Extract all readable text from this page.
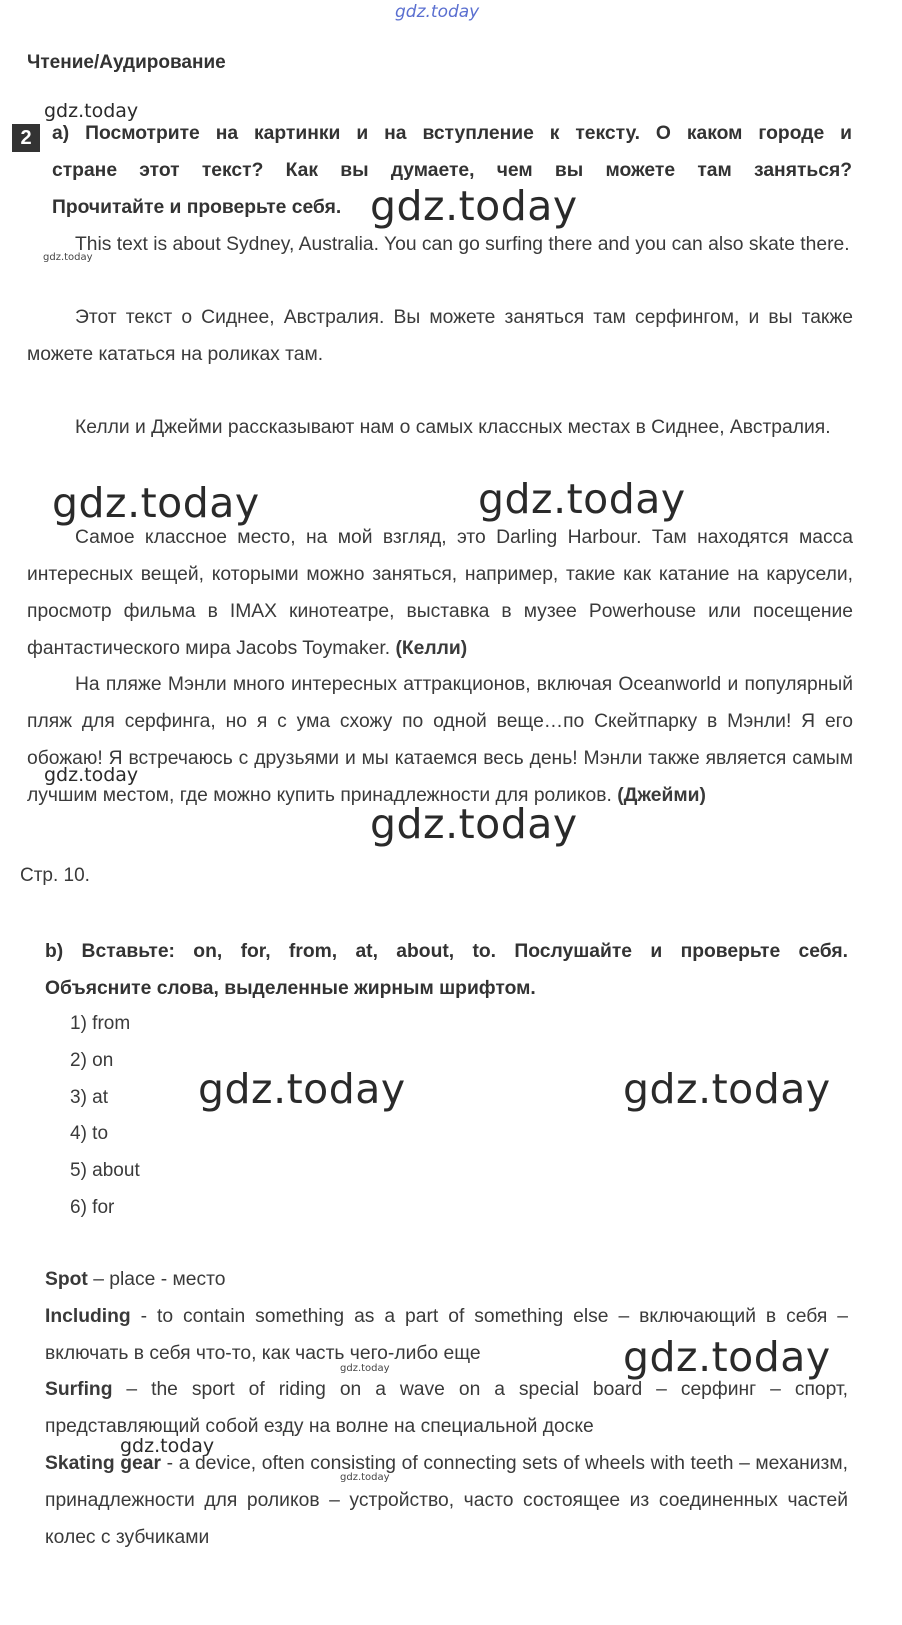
gdz.today
gdz.today
gdz.today
gdz.today
gdz.today	gdz.today
gdz.today
gdz.today
gdz.today	gdz.today
gdz.today
gdz.today
gdz.today
gdz.today
Чтение/Аудирование
2	a) Посмотрите на картинки и на вступление к тексту. О каком городе и
стране этот текст? Как вы думаете, чем вы можете там заняться?
Прочитайте и проверьте себя.
This text is about Sydney, Australia. You can go surfing there and you can also skate there.
Этот текст о Сиднее, Австралия. Вы можете заняться там серфингом, и вы также можете кататься на роликах там.
Келли и Джейми рассказывают нам о самых классных местах в Сиднее, Австралия.
Самое классное место, на мой взгляд, это Darling Harbour. Там находятся масса интересных вещей, которыми можно заняться, например, такие как катание на карусели, просмотр фильма в IMAX кинотеатре, выставка в музее Powerhouse или посещение фантастического мира Jacobs Toymaker. (Келли)
На пляже Мэнли много интересных аттракционов, включая Oceanworld и популярный пляж для серфинга, но я с ума схожу по одной веще…по Скейтпарку в Мэнли! Я его обожаю! Я встречаюсь с друзьями и мы катаемся весь день! Мэнли также является самым лучшим местом, где можно купить принадлежности для роликов. (Джейми)
Стр. 10.
b) Вставьте: on, for, from, at, about, to. Послушайте и проверьте себя.
Объясните слова, выделенные жирным шрифтом.
1) from
2) on
3) at
4) to
5) about
6) for

Spot – place - место

Including - to contain something as a part of something else – включающий в себя – включать в себя что-то, как часть чего-либо еще

Surfing – the sport of riding on a wave on a special board – серфинг – спорт, представляющий собой езду на волне на специальной доске

Skating gear - a device, often consisting of connecting sets of wheels with teeth – механизм, принадлежности для роликов – устройство, часто состоящее из соединенных частей колес с зубчиками
